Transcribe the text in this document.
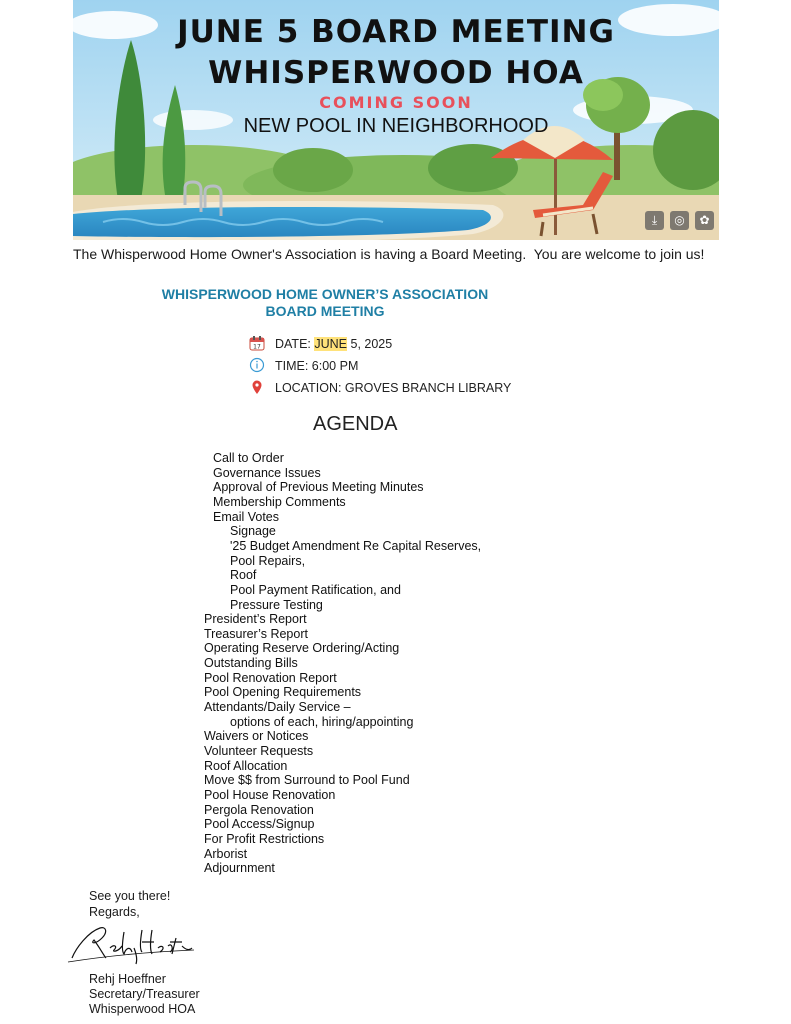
JUNE 5 BOARD MEETING
WHISPERWOOD HOA
COMING SOON
NEW POOL IN NEIGHBORHOOD
⤓	◎	✿
The Whisperwood Home Owner's Association is having a Board Meeting.  You are welcome to join us!
WHISPERWOOD HOME OWNER’S ASSOCIATION
BOARD MEETING
17 DATE: JUNE 5, 2025
TIME: 6:00 PM
LOCATION: GROVES BRANCH LIBRARY
AGENDA
Call to Order
Governance Issues
Approval of Previous Meeting Minutes
Membership Comments
Email Votes
Signage
'25 Budget Amendment Re Capital Reserves,
Pool Repairs,
Roof
Pool Payment Ratification, and
Pressure Testing
President’s Report
Treasurer’s Report
Operating Reserve Ordering/Acting
Outstanding Bills
Pool Renovation Report
Pool Opening Requirements
Attendants/Daily Service –
options of each, hiring/appointing
Waivers or Notices
Volunteer Requests
Roof Allocation
Move $$ from Surround to Pool Fund
Pool House Renovation
Pergola Renovation
Pool Access/Signup
For Profit Restrictions
Arborist
Adjournment
See you there!
Regards,
Rehj Hoeffner
Secretary/Treasurer
Whisperwood HOA
